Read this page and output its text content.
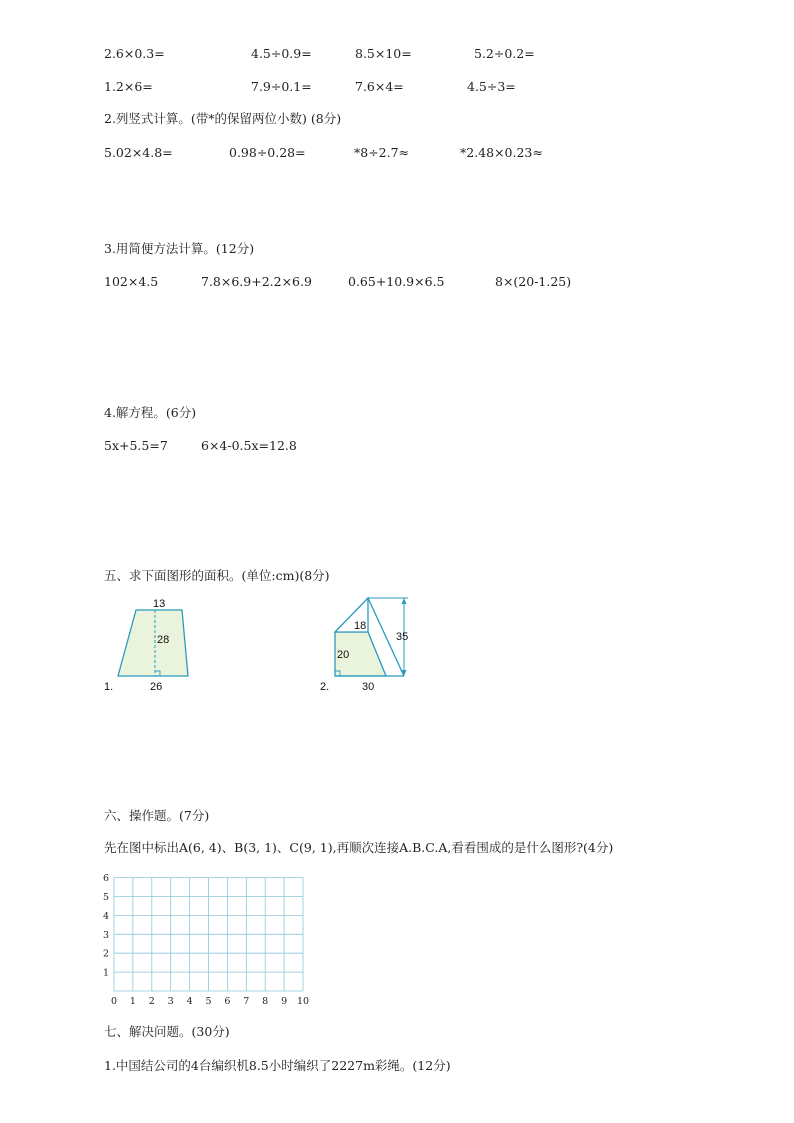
2.6×0.3=	4.5÷0.9=	8.5×10=	5.2÷0.2=
1.2×6=	7.9÷0.1=	7.6×4=	4.5÷3=
2.列竖式计算。(带*的保留两位小数) (8分)
5.02×4.8=	0.98÷0.28=	*8÷2.7≈	*2.48×0.23≈
3.用简便方法计算。(12分)
102×4.5	7.8×6.9+2.2×6.9	0.65+10.9×6.5	8×(20-1.25)
4.解方程。(6分)
5x+5.5=7	6×4-0.5x=12.8
五、求下面图形的面积。(单位:cm)(8分)
13
28
26
1.
18
20
35
30
2.
六、操作题。(7分)
先在图中标出A(6, 4)、B(3, 1)、C(9, 1),再顺次连接A.B.C.A,看看围成的是什么图形?(4分)
0 1 2 3 4 5 6 7 8 9 10
1
2
3
4
5
6
七、解决问题。(30分)
1.中国结公司的4台编织机8.5小时编织了2227m彩绳。(12分)
